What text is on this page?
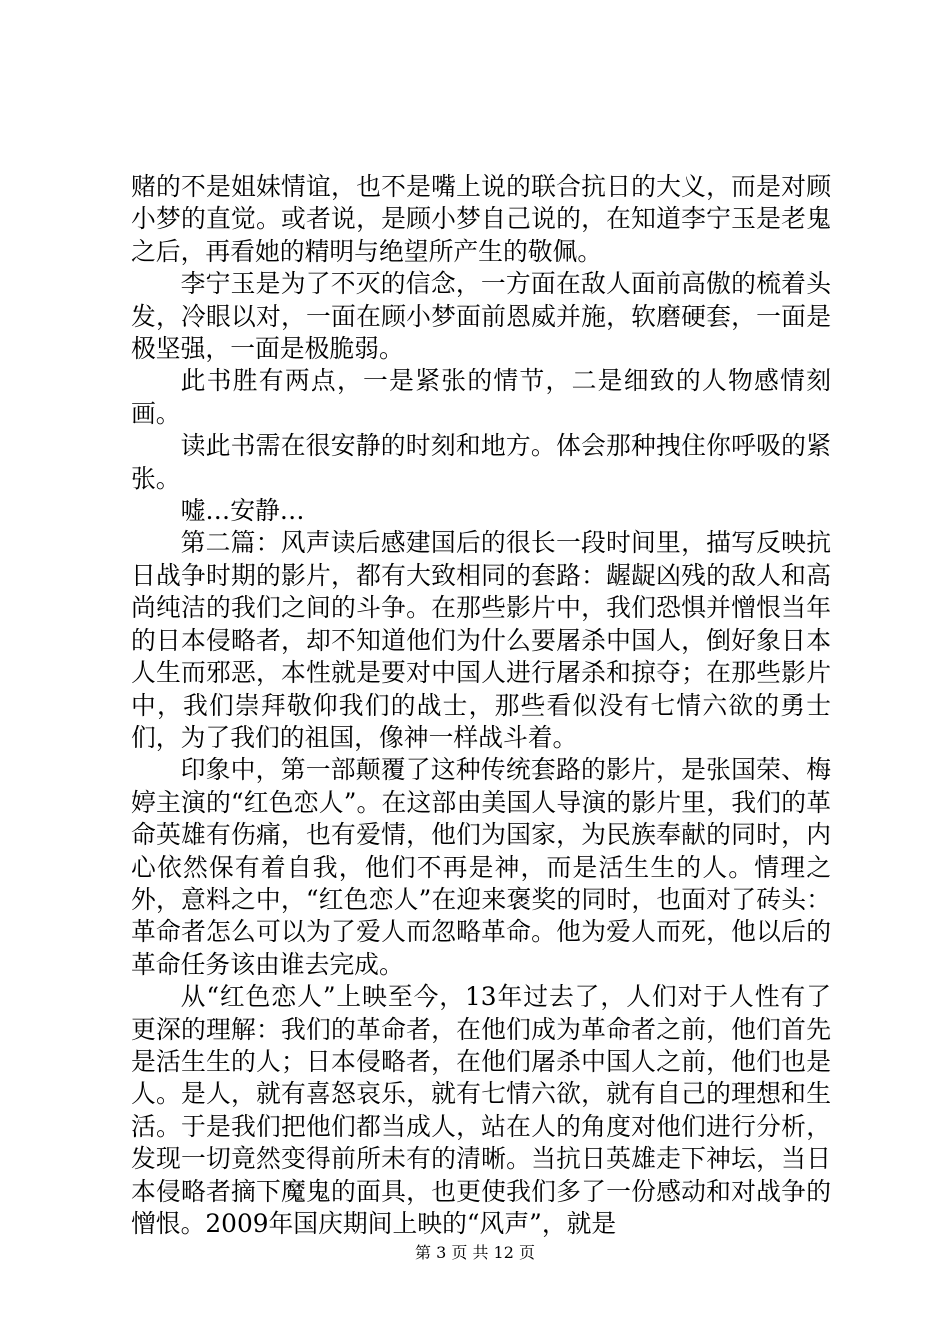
赌的不是姐妹情谊，也不是嘴上说的联合抗日的大义，而是对顾小梦的直觉。或者说，是顾小梦自己说的，在知道李宁玉是老鬼之后，再看她的精明与绝望所产生的敬佩。

李宁玉是为了不灭的信念，一方面在敌人面前高傲的梳着头发，冷眼以对，一面在顾小梦面前恩威并施，软磨硬套，一面是极坚强，一面是极脆弱。

此书胜有两点，一是紧张的情节，二是细致的人物感情刻画。

读此书需在很安静的时刻和地方。体会那种拽住你呼吸的紧张。

嘘…安静…

第二篇：风声读后感建国后的很长一段时间里，描写反映抗日战争时期的影片，都有大致相同的套路：龌龊凶残的敌人和高尚纯洁的我们之间的斗争。在那些影片中，我们恐惧并憎恨当年的日本侵略者，却不知道他们为什么要屠杀中国人，倒好象日本人生而邪恶，本性就是要对中国人进行屠杀和掠夺；在那些影片中，我们崇拜敬仰我们的战士，那些看似没有七情六欲的勇士们，为了我们的祖国，像神一样战斗着。

印象中，第一部颠覆了这种传统套路的影片，是张国荣、梅婷主演的“红色恋人”。在这部由美国人导演的影片里，我们的革命英雄有伤痛，也有爱情，他们为国家，为民族奉献的同时，内心依然保有着自我，他们不再是神，而是活生生的人。情理之外，意料之中，“红色恋人”在迎来褒奖的同时，也面对了砖头：革命者怎么可以为了爱人而忽略革命。他为爱人而死，他以后的革命任务该由谁去完成。

从“红色恋人”上映至今，13年过去了，人们对于人性有了更深的理解：我们的革命者，在他们成为革命者之前，他们首先是活生生的人；日本侵略者，在他们屠杀中国人之前，他们也是人。是人，就有喜怒哀乐，就有七情六欲，就有自己的理想和生活。于是我们把他们都当成人，站在人的角度对他们进行分析，发现一切竟然变得前所未有的清晰。当抗日英雄走下神坛，当日本侵略者摘下魔鬼的面具，也更使我们多了一份感动和对战争的憎恨。2009年国庆期间上映的“风声”，就是

第 3 页 共 12 页
